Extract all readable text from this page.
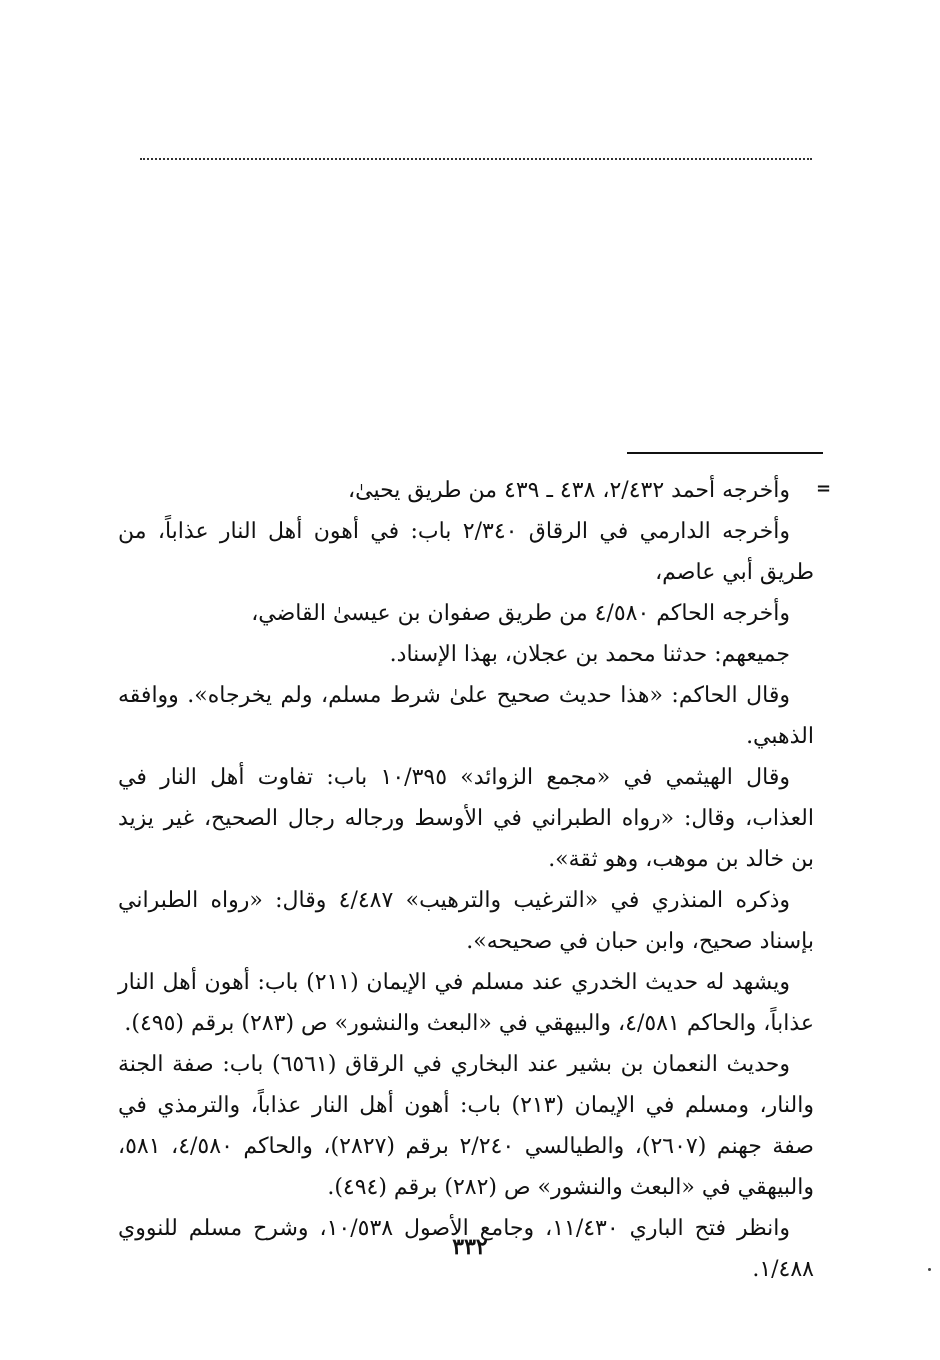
=

وأخرجه أحمد ٢/٤٣٢، ٤٣٨ ـ ٤٣٩ من طريق يحيىٰ،

وأخرجه الدارمي في الرقاق ٢/٣٤٠ باب: في أهون أهل النار عذاباً، من طريق أبي عاصم،

وأخرجه الحاكم ٤/٥٨٠ من طريق صفوان بن عيسىٰ القاضي،

جميعهم: حدثنا محمد بن عجلان، بهذا الإسناد.

وقال الحاكم: «هذا حديث صحيح علىٰ شرط مسلم، ولم يخرجاه». ووافقه الذهبي.

وقال الهيثمي في «مجمع الزوائد» ١٠/٣٩٥ باب: تفاوت أهل النار في العذاب، وقال: «رواه الطبراني في الأوسط ورجاله رجال الصحيح، غير يزيد بن خالد بن موهب، وهو ثقة».

وذكره المنذري في «الترغيب والترهيب» ٤/٤٨٧ وقال: «رواه الطبراني بإسناد صحيح، وابن حبان في صحيحه».

ويشهد له حديث الخدري عند مسلم في الإيمان (٢١١) باب: أهون أهل النار عذاباً، والحاكم ٤/٥٨١، والبيهقي في «البعث والنشور» ص (٢٨٣) برقم (٤٩٥).

وحديث النعمان بن بشير عند البخاري في الرقاق (٦٥٦١) باب: صفة الجنة والنار، ومسلم في الإيمان (٢١٣) باب: أهون أهل النار عذاباً، والترمذي في صفة جهنم (٢٦٠٧)، والطيالسي ٢/٢٤٠ برقم (٢٨٢٧)، والحاكم ٤/٥٨٠، ٥٨١، والبيهقي في «البعث والنشور» ص (٢٨٢) برقم (٤٩٤).

وانظر فتح الباري ١١/٤٣٠، وجامع الأصول ١٠/٥٣٨، وشرح مسلم للنووي ١/٤٨٨.

٣٣٢
